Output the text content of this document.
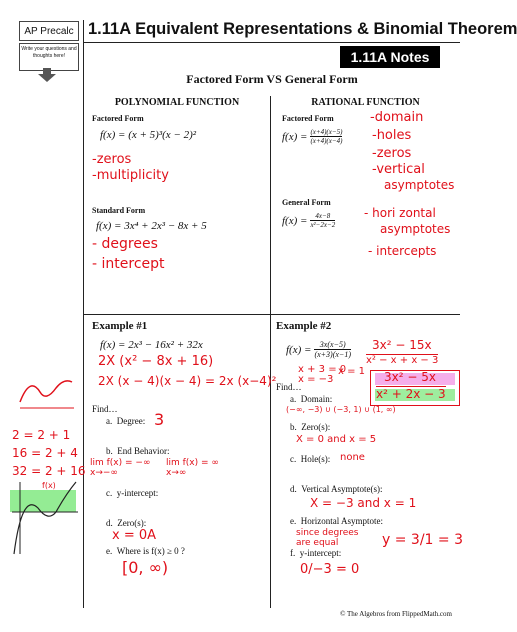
AP Precalc
Write your questions and thoughts here!
1.11A Equivalent Representations & Binomial Theorem
1.11A Notes
Factored Form VS General Form
POLYNOMIAL FUNCTION
Factored Form
f(x) = (x + 5)³(x − 2)²
-zeros
-multiplicity
Standard Form
f(x) = 3x⁴ + 2x³ − 8x + 5
- degrees
- intercept
RATIONAL FUNCTION
Factored Form
$f(x) = \frac{(x+4)(x-5)}{(x+4)(x-4)}$
-domain
-holes
-zeros
-vertical
asymptotes
General Form
$f(x) = \frac{4x-8}{\text{x²−2x−2}}$ - hori zontal
asymptotes
- intercepts
Example #1
f(x) = 2x³ − 16x² + 32x
2X (x² − 8x + 16)
2X (x − 4)(x − 4) = 2x (x−4)²
Find…
a. Degree: 3
b. End Behavior:
lim f(x) = −∞
x→−∞
lim f(x) = ∞
x→∞
c. y-intercept:
d. Zero(s):
x = 0A
e. Where is f(x) ≥ 0 ?
[0, ∞)
2 = 2 + 1
16 = 2 + 4
32 = 2 + 16
f(x)
Example #2
$f(x) = \frac{3x(x-5)}{(x+3)(x-1)}$
x + 3 = 0
x = −3
x = 1
3x² − 15x
x² − x + x − 3
3x² − 5x
x² + 2x − 3
Find…
a. Domain:
(−∞, −3) ∪ (−3, 1) ∪ (1, ∞)
b. Zero(s):
X = 0 and x = 5
c. Hole(s): none
d. Vertical Asymptote(s):
X = −3 and x = 1
e. Horizontal Asymptote:
since degrees
are equal	y = 3/1 = 3
f. y-intercept:
0/−3 = 0
© The Algebros from FlippedMath.com
